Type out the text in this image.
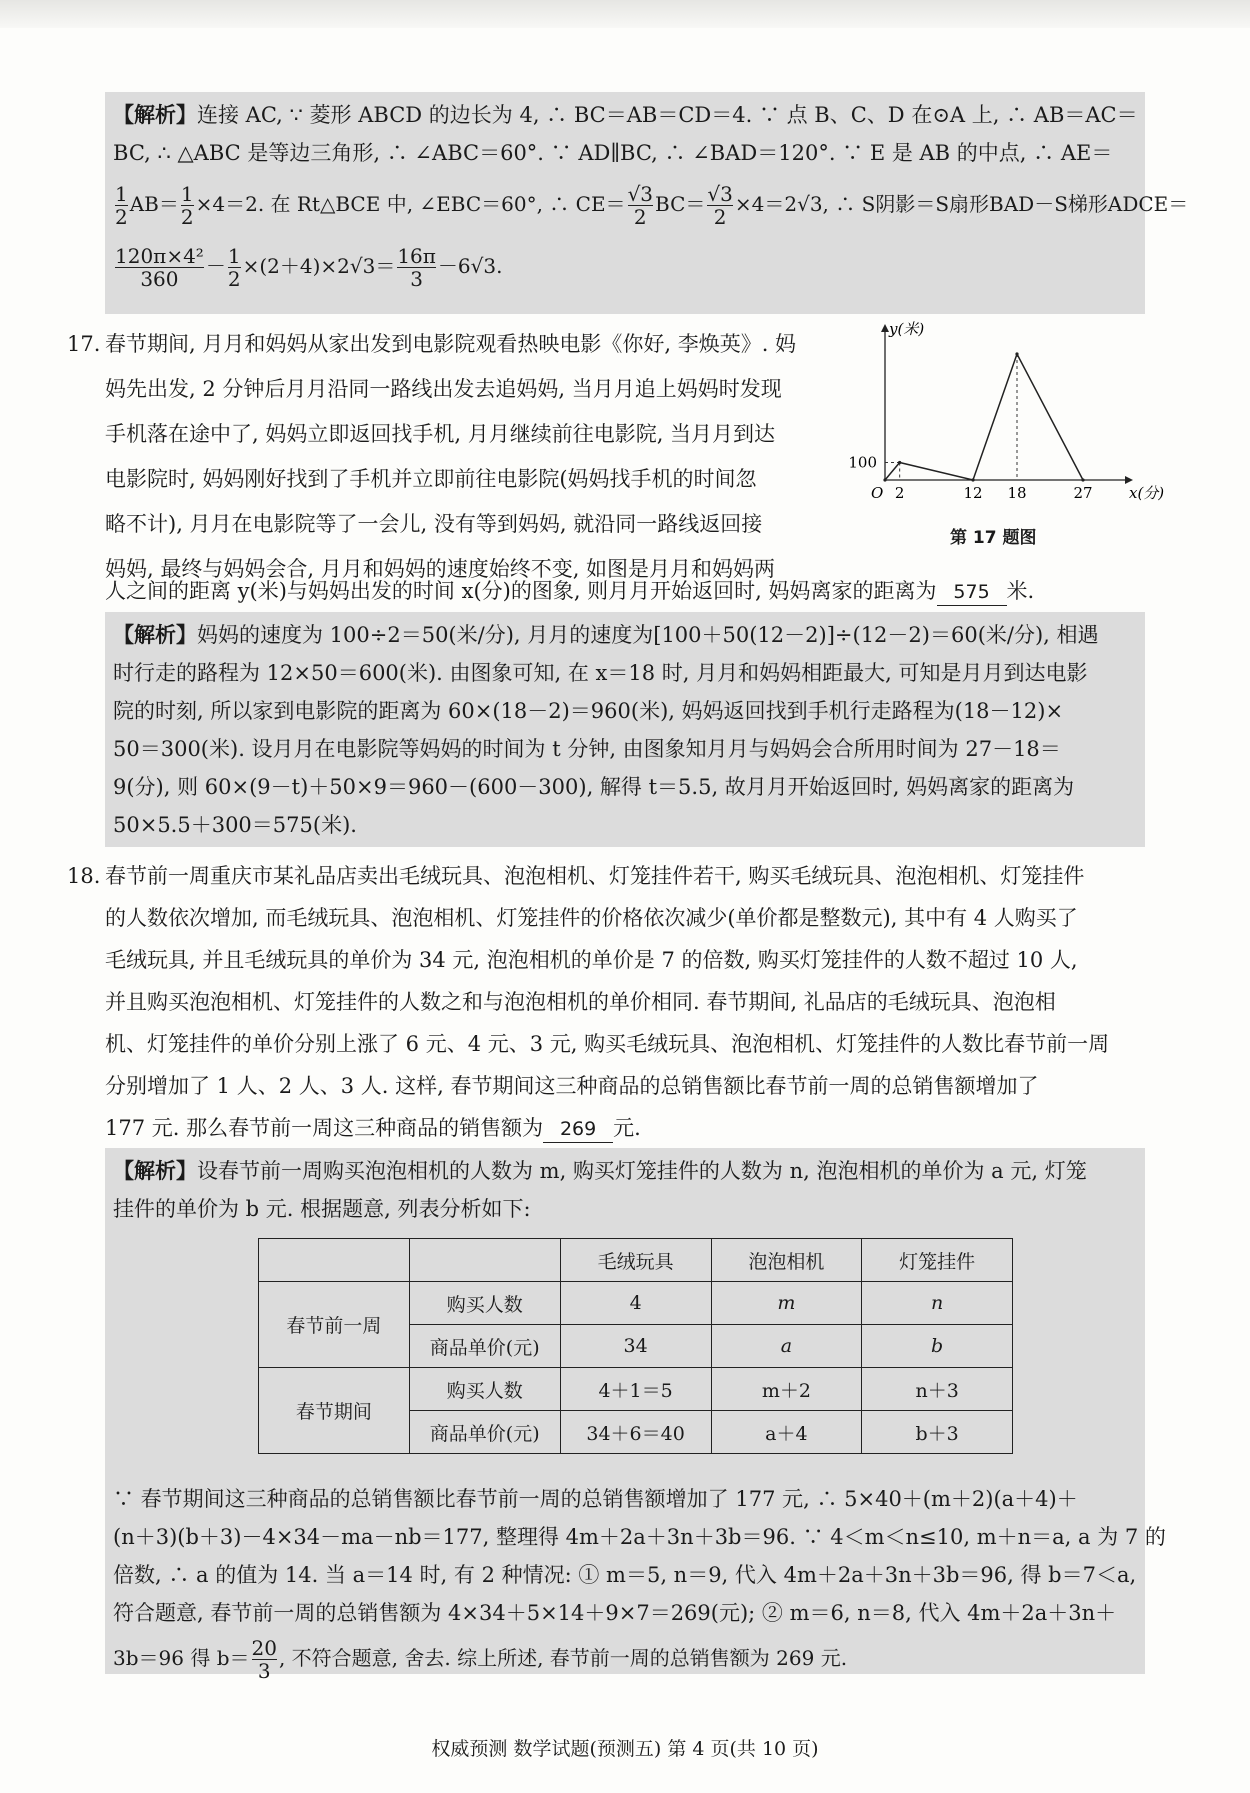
【解析】连接 AC, ∵ 菱形 ABCD 的边长为 4, ∴ BC＝AB＝CD＝4. ∵ 点 B、C、D 在⊙A 上, ∴ AB＝AC＝
BC, ∴ △ABC 是等边三角形, ∴ ∠ABC＝60°. ∵ AD∥BC, ∴ ∠BAD＝120°. ∵ E 是 AB 的中点, ∴ AE＝
$\frac{1}{2} AB= \frac{1}{2} \times 4=2$. 在 Rt△BCE 中, ∠EBC＝60°, ∴ $CE= \frac{√3}{2} BC= \frac{√3}{2} \times 4=2√3$, ∴ S阴影＝S扇形BAD－S梯形ADCE＝
$\frac{\text{120π×4²}}{360} - \frac{1}{2} \times(2+4)\times 2√3= \frac{16\pi}{3} -6√3$.
17. 春节期间, 月月和妈妈从家出发到电影院观看热映电影《你好, 李焕英》. 妈
妈先出发, 2 分钟后月月沿同一路线出发去追妈妈, 当月月追上妈妈时发现
手机落在途中了, 妈妈立即返回找手机, 月月继续前往电影院, 当月月到达
电影院时, 妈妈刚好找到了手机并立即前往电影院(妈妈找手机的时间忽
略不计), 月月在电影院等了一会儿, 没有等到妈妈, 就沿同一路线返回接
妈妈, 最终与妈妈会合, 月月和妈妈的速度始终不变, 如图是月月和妈妈两
人之间的距离 y(米)与妈妈出发的时间 x(分)的图象, 则月月开始返回时, 妈妈离家的距离为 575 米.
x(分)
y(米)
O
100
2	12 18	27
第 17 题图
【解析】妈妈的速度为 100÷2＝50(米/分), 月月的速度为[100＋50(12－2)]÷(12－2)＝60(米/分), 相遇
时行走的路程为 12×50＝600(米). 由图象可知, 在 x＝18 时, 月月和妈妈相距最大, 可知是月月到达电影
院的时刻, 所以家到电影院的距离为 60×(18－2)＝960(米), 妈妈返回找到手机行走路程为(18－12)×
50＝300(米). 设月月在电影院等妈妈的时间为 t 分钟, 由图象知月月与妈妈会合所用时间为 27－18＝
9(分), 则 60×(9－t)＋50×9＝960－(600－300), 解得 t＝5.5, 故月月开始返回时, 妈妈离家的距离为
50×5.5＋300＝575(米).
18. 春节前一周重庆市某礼品店卖出毛绒玩具、泡泡相机、灯笼挂件若干, 购买毛绒玩具、泡泡相机、灯笼挂件
的人数依次增加, 而毛绒玩具、泡泡相机、灯笼挂件的价格依次减少(单价都是整数元), 其中有 4 人购买了
毛绒玩具, 并且毛绒玩具的单价为 34 元, 泡泡相机的单价是 7 的倍数, 购买灯笼挂件的人数不超过 10 人,
并且购买泡泡相机、灯笼挂件的人数之和与泡泡相机的单价相同. 春节期间, 礼品店的毛绒玩具、泡泡相
机、灯笼挂件的单价分别上涨了 6 元、4 元、3 元, 购买毛绒玩具、泡泡相机、灯笼挂件的人数比春节前一周
分别增加了 1 人、2 人、3 人. 这样, 春节期间这三种商品的总销售额比春节前一周的总销售额增加了
177 元. 那么春节前一周这三种商品的销售额为 269 元.
【解析】设春节前一周购买泡泡相机的人数为 m, 购买灯笼挂件的人数为 n, 泡泡相机的单价为 a 元, 灯笼
挂件的单价为 b 元. 根据题意, 列表分析如下:
∵ 春节期间这三种商品的总销售额比春节前一周的总销售额增加了 177 元, ∴ 5×40＋(m＋2)(a＋4)＋
(n＋3)(b＋3)－4×34－ma－nb＝177, 整理得 4m＋2a＋3n＋3b＝96. ∵ 4＜m＜n≤10, m＋n＝a, a 为 7 的
倍数, ∴ a 的值为 14. 当 a＝14 时, 有 2 种情况: ① m＝5, n＝9, 代入 4m＋2a＋3n＋3b＝96, 得 b＝7＜a,
符合题意, 春节前一周的总销售额为 4×34＋5×14＋9×7＝269(元); ② m＝6, n＝8, 代入 4m＋2a＋3n＋
3b＝96 得 $b= \frac{20}{3}$ , 不符合题意, 舍去. 综上所述, 春节前一周的总销售额为 269 元.
		毛绒玩具	泡泡相机	灯笼挂件
春节前一周	购买人数	4	m	n
	商品单价(元)	34	a	b
春节期间	购买人数	4＋1＝5	m＋2	n＋3
	商品单价(元)	34＋6＝40	a＋4	b＋3
权威预测 数学试题(预测五) 第 4 页(共 10 页)
